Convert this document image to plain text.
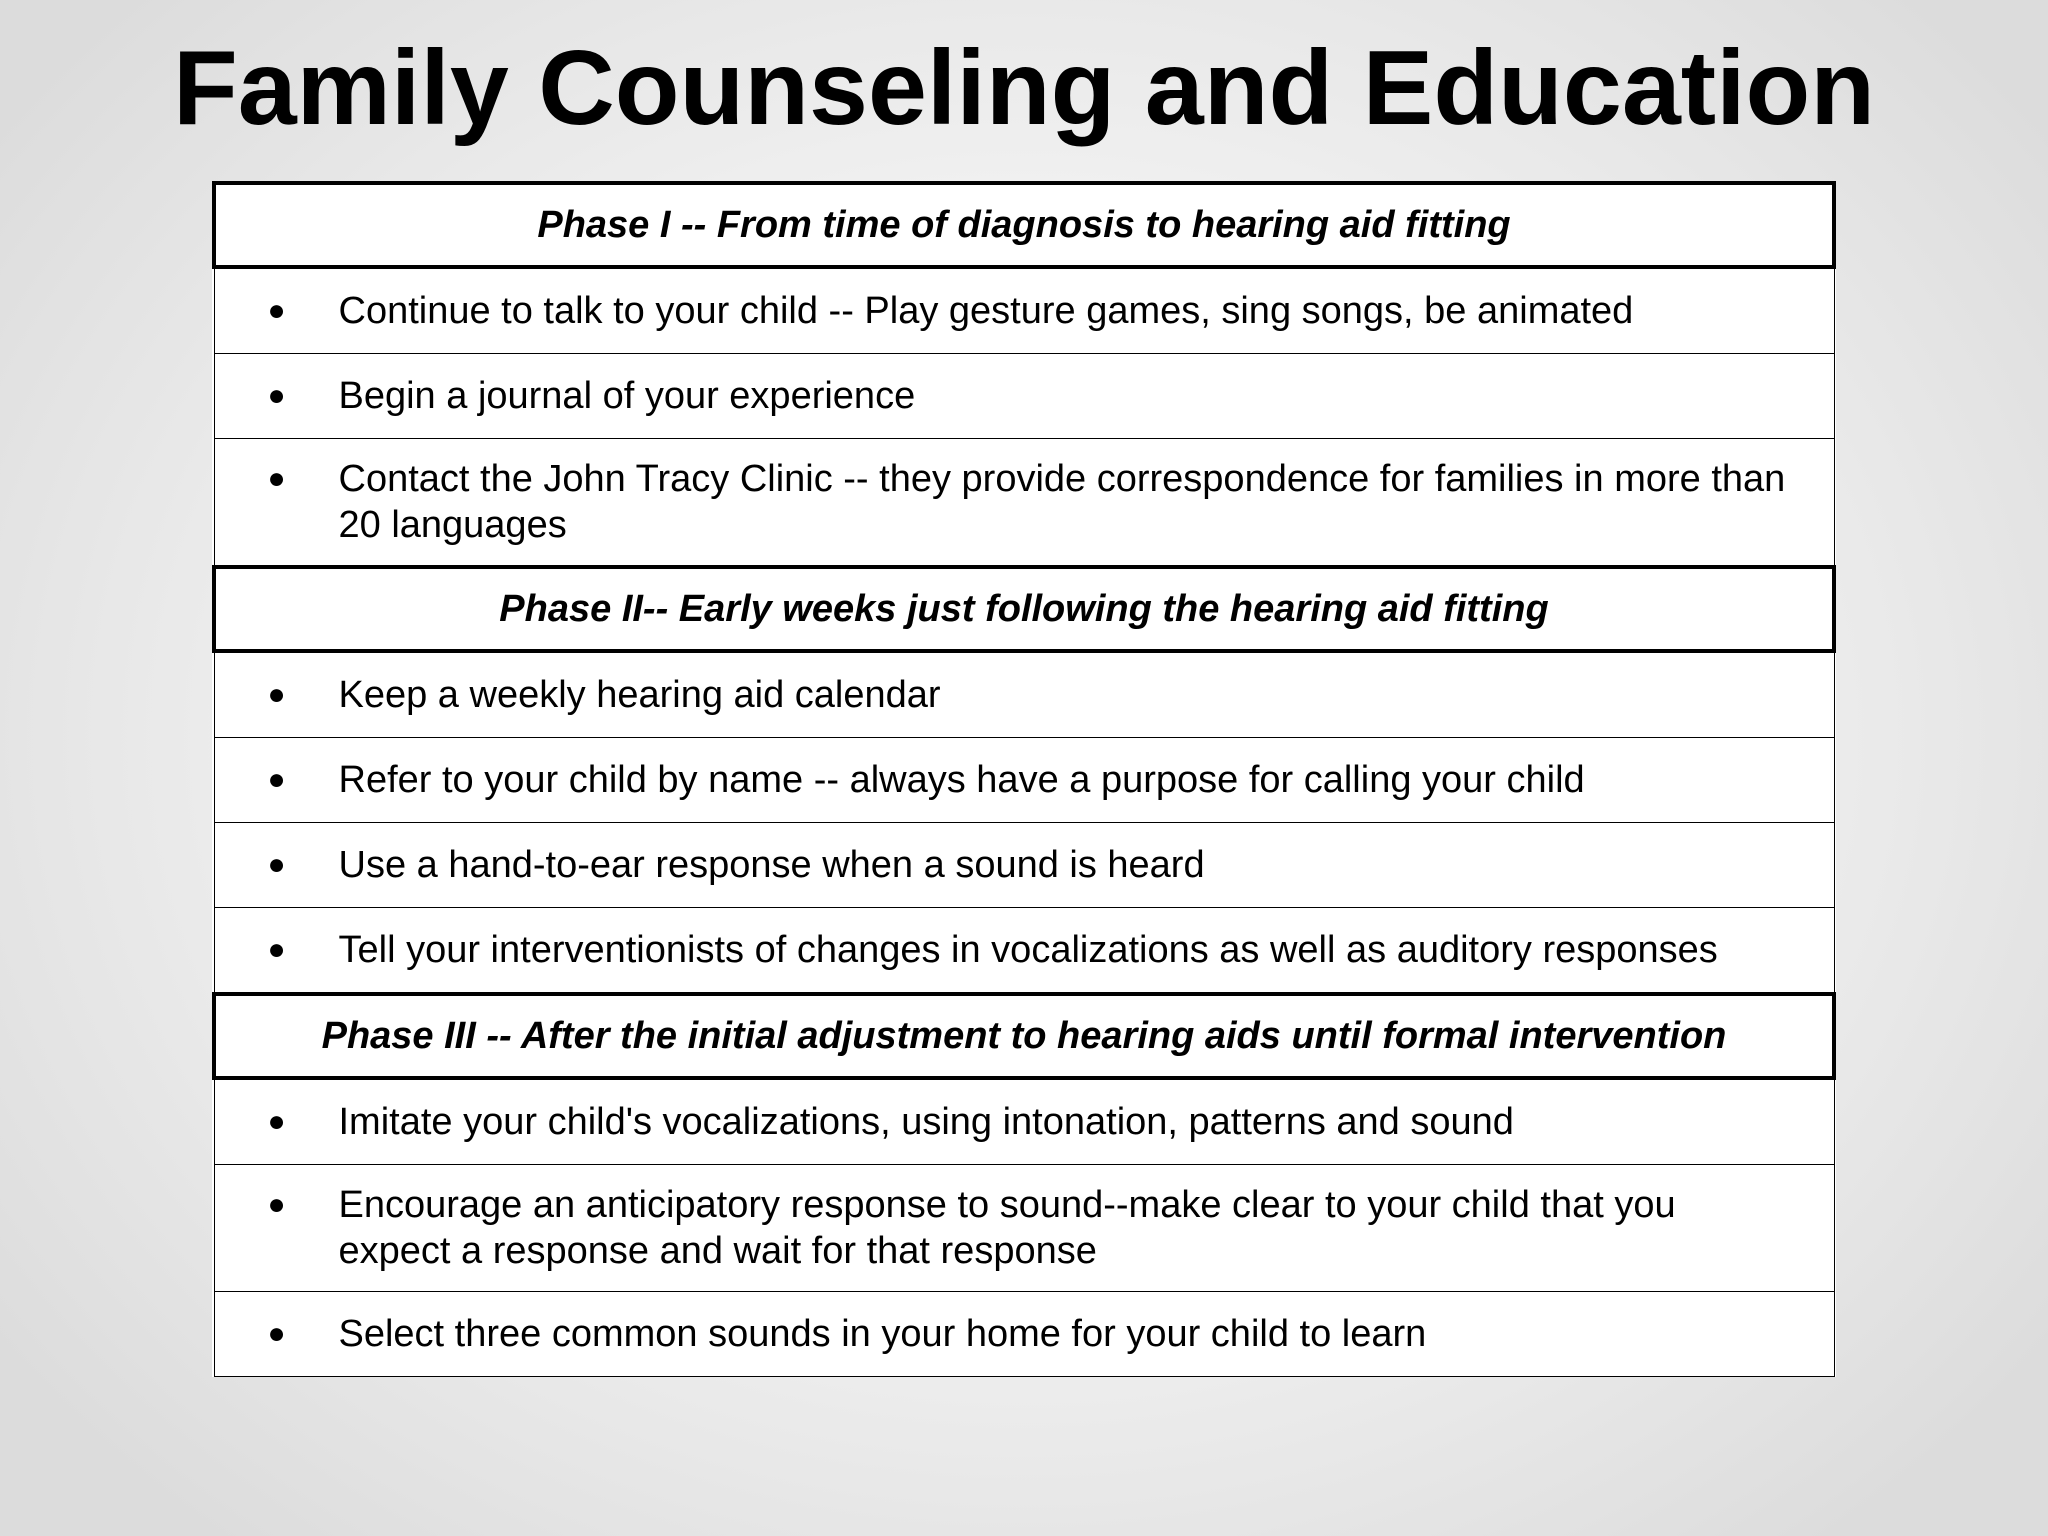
Family Counseling and Education
Phase I -- From time of diagnosis to hearing aid fitting

●	Continue to talk to your child -- Play gesture games, sing songs, be animated

●	Begin a journal of your experience

●	Contact the John Tracy Clinic -- they provide correspondence for families in more than 20 languages

Phase II-- Early weeks just following the hearing aid fitting

●	Keep a weekly hearing aid calendar

●	Refer to your child by name -- always have a purpose for calling your child

●	Use a hand-to-ear response when a sound is heard

●	Tell your interventionists of changes in vocalizations as well as auditory responses

Phase III -- After the initial adjustment to hearing aids until formal intervention

●	Imitate your child's vocalizations, using intonation, patterns and sound

●	Encourage an anticipatory response to sound--make clear to your child that you expect a response and wait for that response

●	Select three common sounds in your home for your child to learn
